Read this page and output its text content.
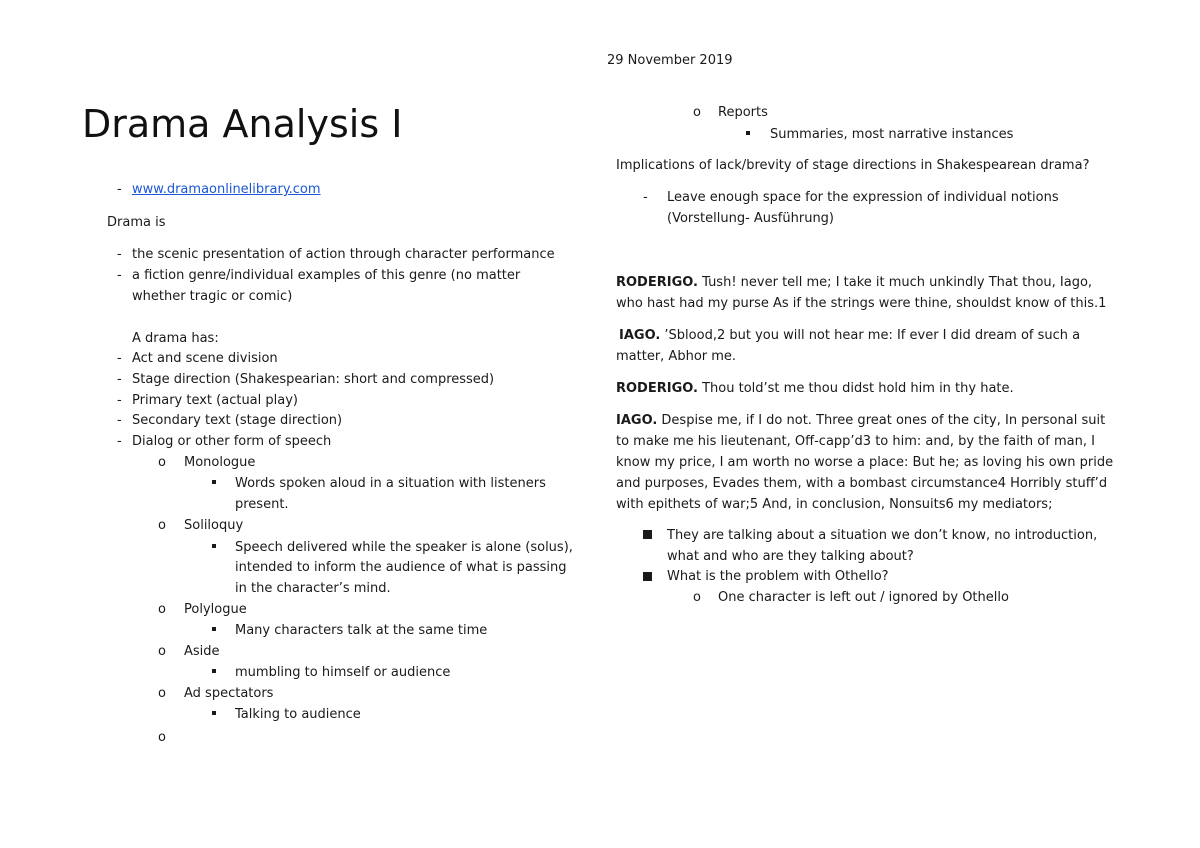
29 November 2019
Drama Analysis I
- www.dramaonlinelibrary.com
Drama is
- the scenic presentation of action through character performance
- a fiction genre/individual examples of this genre (no matter
whether tragic or comic)
A drama has:
- Act and scene division
- Stage direction (Shakespearian: short and compressed)
- Primary text (actual play)
- Secondary text (stage direction)
- Dialog or other form of speech
o Monologue
Words spoken aloud in a situation with listeners
present.
o Soliloquy
Speech delivered while the speaker is alone (solus),
intended to inform the audience of what is passing
in the character’s mind.
o Polylogue
Many characters talk at the same time
o Aside
mumbling to himself or audience
o Ad spectators
Talking to audience
o
o Reports
Summaries, most narrative instances
Implications of lack/brevity of stage directions in Shakespearean drama?
- Leave enough space for the expression of individual notions
(Vorstellung- Ausführung)
RODERIGO. Tush! never tell me; I take it much unkindly That thou, Iago,
who hast had my purse As if the strings were thine, shouldst know of this.1
IAGO. ’Sblood,2 but you will not hear me: If ever I did dream of such a
matter, Abhor me.
RODERIGO. Thou told’st me thou didst hold him in thy hate.
IAGO. Despise me, if I do not. Three great ones of the city, In personal suit
to make me his lieutenant, Off-capp’d3 to him: and, by the faith of man, I
know my price, I am worth no worse a place: But he; as loving his own pride
and purposes, Evades them, with a bombast circumstance4 Horribly stuff’d
with epithets of war;5 And, in conclusion, Nonsuits6 my mediators;
They are talking about a situation we don’t know, no introduction,
what and who are they talking about?
What is the problem with Othello?
o One character is left out / ignored by Othello
